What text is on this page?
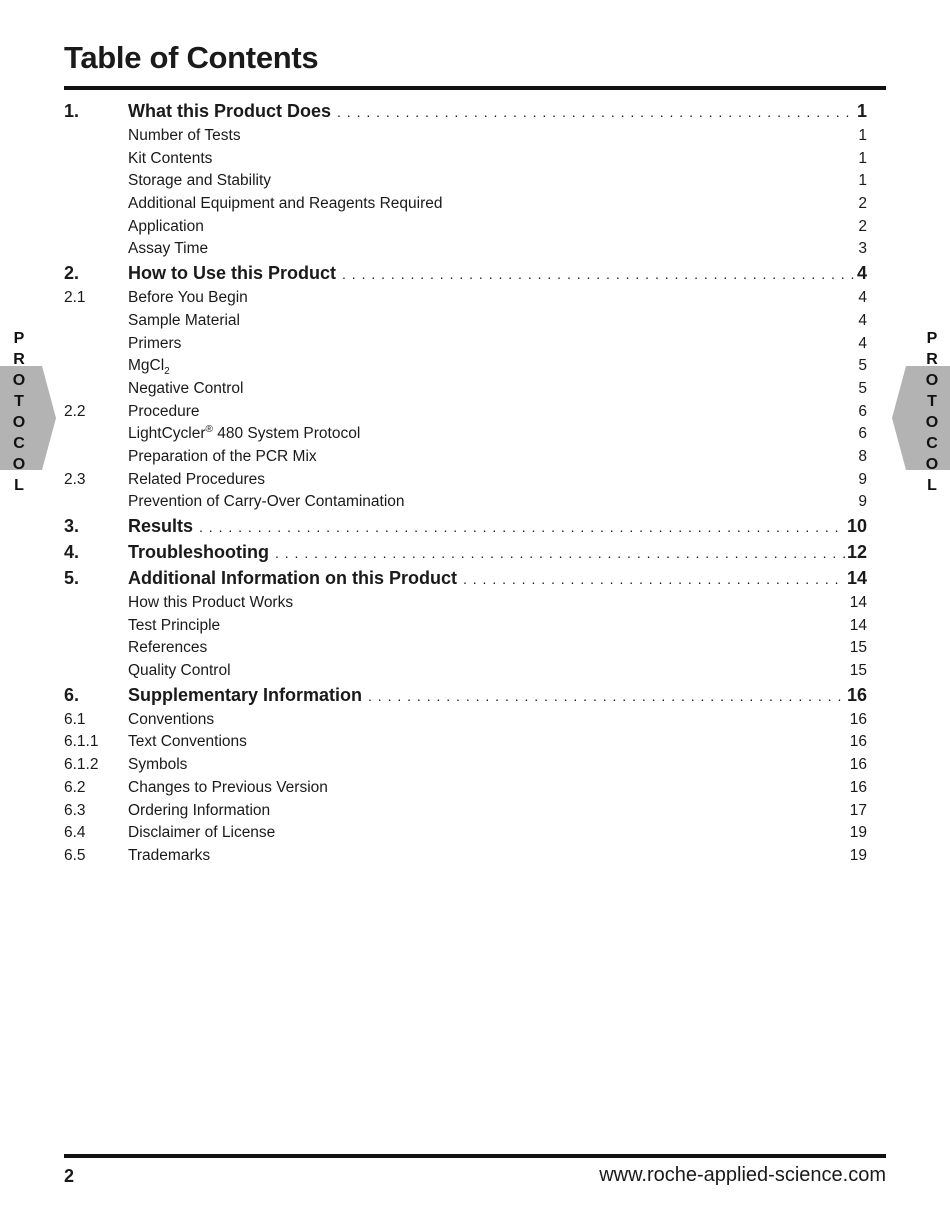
Table of Contents
1.	What this Product Does . . .	1
Number of Tests	1
Kit Contents	1
Storage and Stability	1
Additional Equipment and Reagents Required	2
Application	2
Assay Time	3
2.	How to Use this Product . . .	4
2.1	Before You Begin	4
Sample Material	4
Primers	4
MgCl$_2$	5
Negative Control	5
2.2	Procedure	6
LightCycler® 480 System Protocol	6
Preparation of the PCR Mix	8
2.3	Related Procedures	9
Prevention of Carry-Over Contamination	9
3.	Results . . .	10
4.	Troubleshooting . . .	12
5.	Additional Information on this Product . . .	14
How this Product Works	14
Test Principle	14
References	15
Quality Control	15
6.	Supplementary Information . . .	16
6.1	Conventions	16
6.1.1	Text Conventions	16
6.1.2	Symbols	16
6.2	Changes to Previous Version	16
6.3	Ordering Information	17
6.4	Disclaimer of License	19
6.5	Trademarks	19
P
R
O
T
O
C
O
L
P
R
O
T
O
C
O
L
2	www.roche-applied-science.com
